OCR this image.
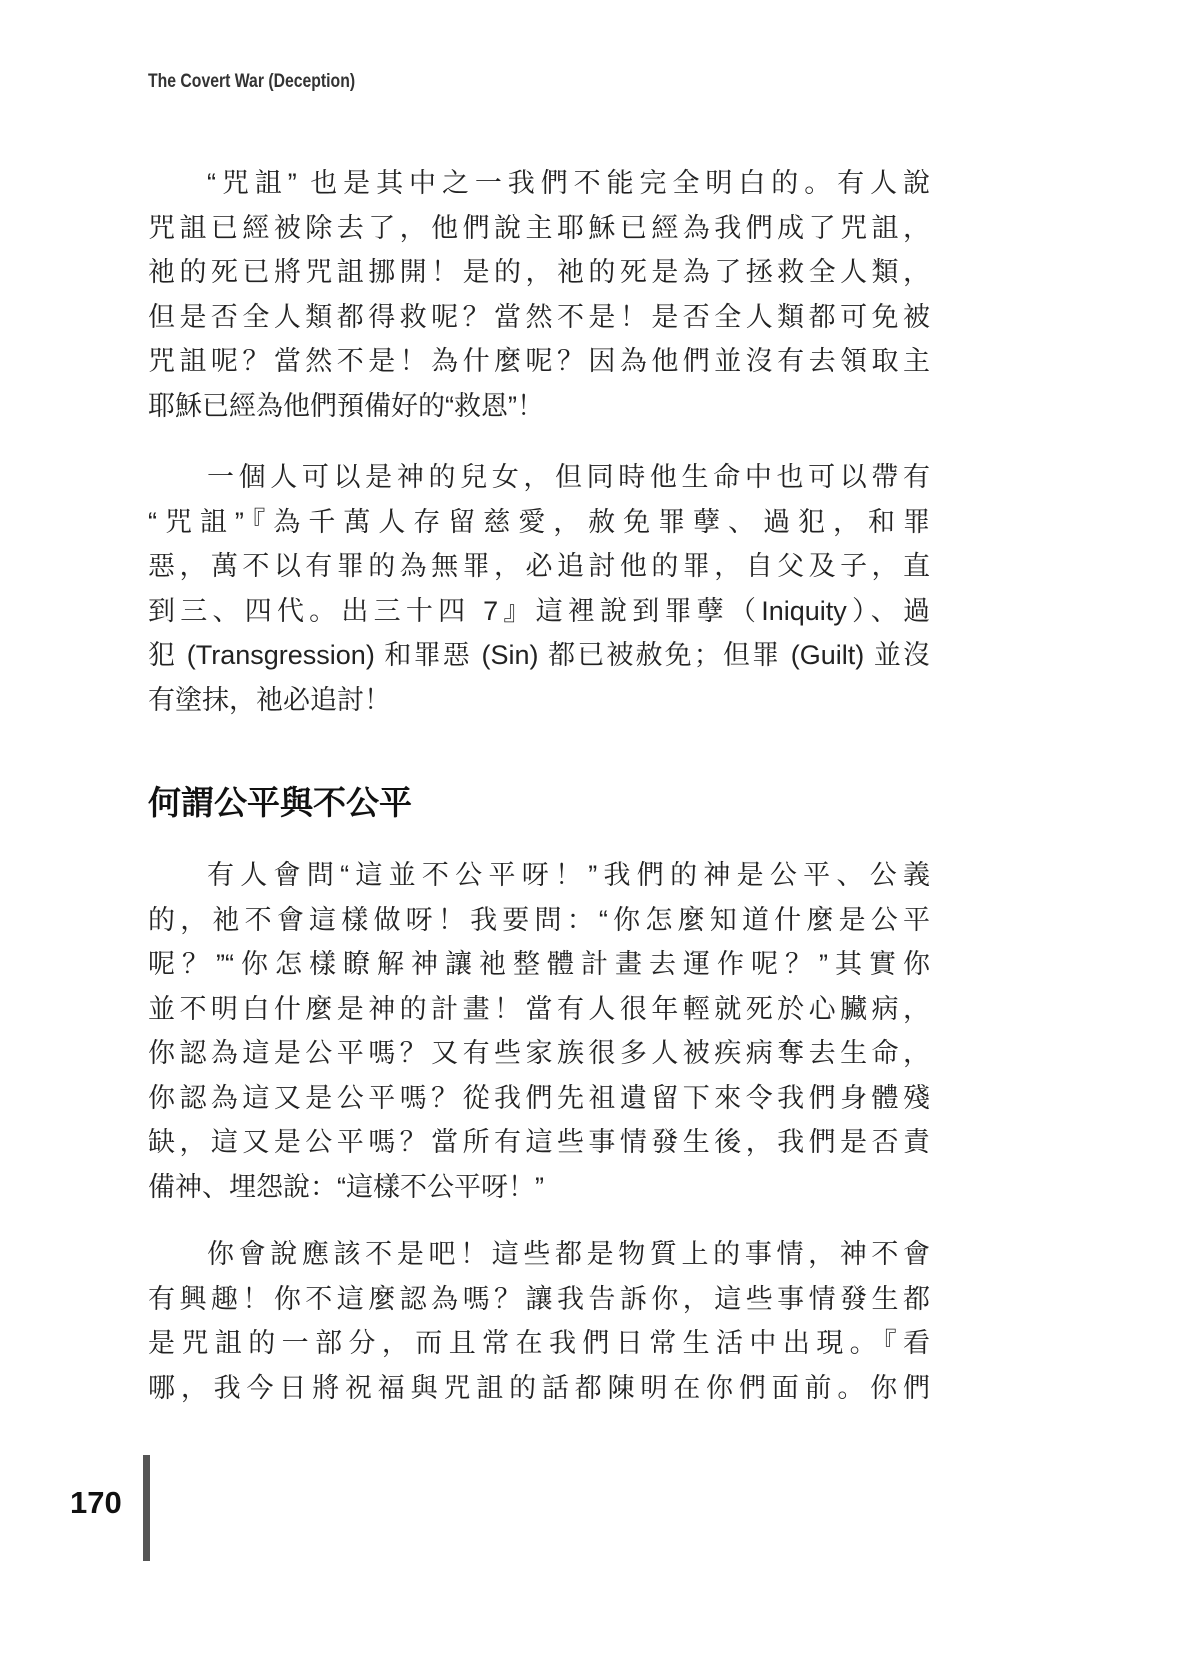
The Covert War (Deception)
“咒詛” 也是其中之一我們不能完全明白的。有人說
咒詛已經被除去了，他們說主耶穌已經為我們成了咒詛，
祂的死已將咒詛挪開！是的，祂的死是為了拯救全人類，
但是否全人類都得救呢？當然不是！是否全人類都可免被
咒詛呢？當然不是！為什麼呢？因為他們並沒有去領取主
耶穌已經為他們預備好的“救恩”！
一個人可以是神的兒女，但同時他生命中也可以帶有
“咒詛”『為千萬人存留慈愛，赦免罪孽、過犯，和罪
惡，萬不以有罪的為無罪，必追討他的罪，自父及子，直
到三、四代。出三十四 7』這裡說到罪孽（Iniquity）、過
犯 (Transgression) 和罪惡 (Sin) 都已被赦免；但罪 (Guilt) 並沒
有塗抹，祂必追討！
何謂公平與不公平
有人會問“這並不公平呀！”我們的神是公平、公義
的，祂不會這樣做呀！我要問：“你怎麼知道什麼是公平
呢？”“你怎樣瞭解神讓祂整體計畫去運作呢？”其實你
並不明白什麼是神的計畫！當有人很年輕就死於心臟病，
你認為這是公平嗎？又有些家族很多人被疾病奪去生命，
你認為這又是公平嗎？從我們先祖遺留下來令我們身體殘
缺，這又是公平嗎？當所有這些事情發生後，我們是否責
備神、埋怨說：“這樣不公平呀！”
你會說應該不是吧！這些都是物質上的事情，神不會
有興趣！你不這麼認為嗎？讓我告訴你，這些事情發生都
是咒詛的一部分，而且常在我們日常生活中出現。『看
哪，我今日將祝福與咒詛的話都陳明在你們面前。你們
170
